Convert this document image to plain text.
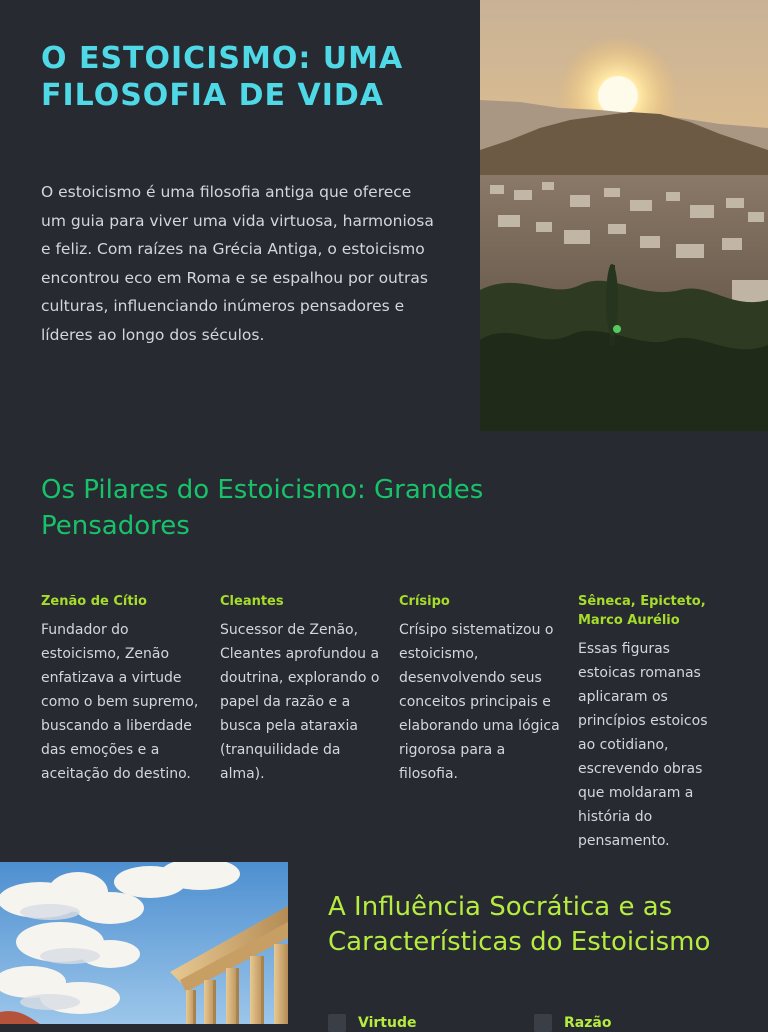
O ESTOICISMO: UMA FILOSOFIA DE VIDA

O estoicismo é uma filosofia antiga que oferece um guia para viver uma vida virtuosa, harmoniosa e feliz. Com raízes na Grécia Antiga, o estoicismo encontrou eco em Roma e se espalhou por outras culturas, influenciando inúmeros pensadores e líderes ao longo dos séculos.

Os Pilares do Estoicismo: Grandes Pensadores
Zenão de Cítio

Fundador do estoicismo, Zenão enfatizava a virtude como o bem supremo, buscando a liberdade das emoções e a aceitação do destino.

Cleantes

Sucessor de Zenão, Cleantes aprofundou a doutrina, explorando o papel da razão e a busca pela ataraxia (tranquilidade da alma).

Crísipo

Crísipo sistematizou o estoicismo, desenvolvendo seus conceitos principais e elaborando uma lógica rigorosa para a filosofia.

Sêneca, Epicteto, Marco Aurélio

Essas figuras estoicas romanas aplicaram os princípios estoicos ao cotidiano, escrevendo obras que moldaram a história do pensamento.

A Influência Socrática e as Características do Estoicismo
Virtude	Razão
